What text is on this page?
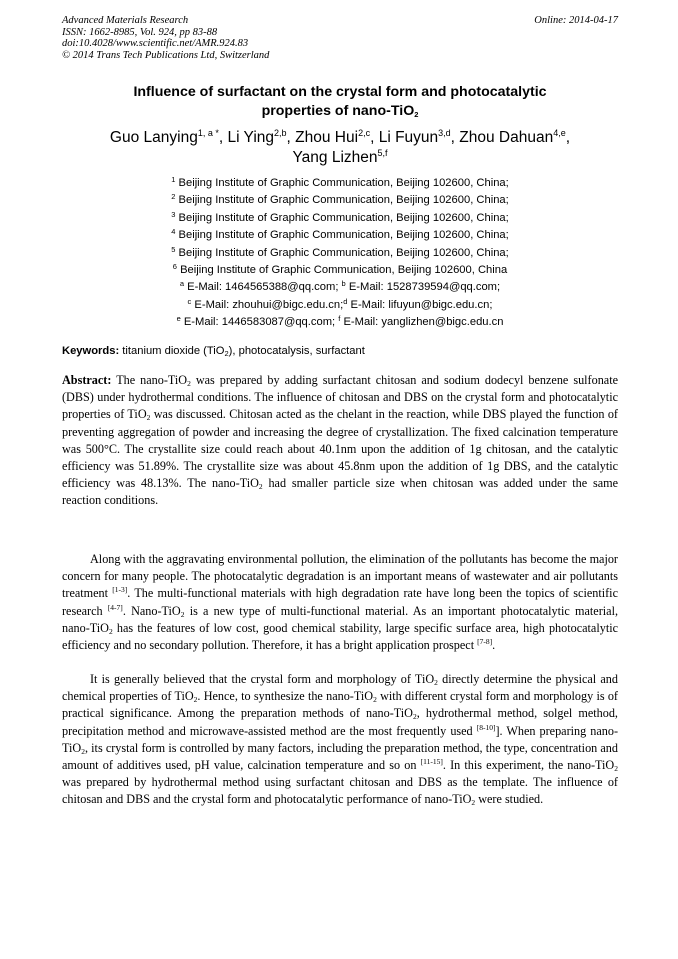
Advanced Materials Research
ISSN: 1662-8985, Vol. 924, pp 83-88
doi:10.4028/www.scientific.net/AMR.924.83
© 2014 Trans Tech Publications Ltd, Switzerland
Online: 2014-04-17
Influence of surfactant on the crystal form and photocatalytic
properties of nano-TiO$_2$
Guo Lanying$^{1, a *}$, Li Ying$^{2,b}$, Zhou Hui$^{2,c}$, Li Fuyun$^{3,d}$, Zhou Dahuan$^{4,e}$,
Yang Lizhen$^{5,f}$
$^1$ Beijing Institute of Graphic Communication, Beijing 102600, China;
$^2$ Beijing Institute of Graphic Communication, Beijing 102600, China;
$^3$ Beijing Institute of Graphic Communication, Beijing 102600, China;
$^4$ Beijing Institute of Graphic Communication, Beijing 102600, China;
$^5$ Beijing Institute of Graphic Communication, Beijing 102600, China;
$^6$ Beijing Institute of Graphic Communication, Beijing 102600, China
$^a$ E-Mail: 1464565388@qq.com; $^b$ E-Mail: 1528739594@qq.com;
$^c$ E-Mail: zhouhui@bigc.edu.cn;$^d$ E-Mail: lifuyun@bigc.edu.cn;
$^e$ E-Mail: 1446583087@qq.com; $^f$ E-Mail: yanglizhen@bigc.edu.cn
Keywords: titanium dioxide (TiO$_2$), photocatalysis, surfactant
Abstract: The nano-TiO$_2$ was prepared by adding surfactant chitosan and sodium dodecyl benzene sulfonate (DBS) under hydrothermal conditions. The influence of chitosan and DBS on the crystal form and photocatalytic properties of TiO$_2$ was discussed. Chitosan acted as the chelant in the reaction, while DBS played the function of preventing aggregation of powder and increasing the degree of crystallization. The fixed calcination temperature was 500°C. The crystallite size could reach about 40.1nm upon the addition of 1g chitosan, and the catalytic efficiency was 51.89%. The crystallite size was about 45.8nm upon the addition of 1g DBS, and the catalytic efficiency was 48.13%. The nano-TiO$_2$ had smaller particle size when chitosan was added under the same reaction conditions.

Along with the aggravating environmental pollution, the elimination of the pollutants has become the major concern for many people. The photocatalytic degradation is an important means of wastewater and air pollutants treatment [1-3]. The multi-functional materials with high degradation rate have long been the topics of scientific research [4-7]. Nano-TiO$_2$ is a new type of multi-functional material. As an important photocatalytic material, nano-TiO$_2$ has the features of low cost, good chemical stability, large specific surface area, high photocatalytic efficiency and no secondary pollution. Therefore, it has a bright application prospect [7-8].

It is generally believed that the crystal form and morphology of TiO$_2$ directly determine the physical and chemical properties of TiO$_2$. Hence, to synthesize the nano-TiO$_2$ with different crystal form and morphology is of practical significance. Among the preparation methods of nano-TiO$_2$, hydrothermal method, solgel method, precipitation method and microwave-assisted method are the most frequently used [8-10]]. When preparing nano-TiO$_2$, its crystal form is controlled by many factors, including the preparation method, the type, concentration and amount of additives used, pH value, calcination temperature and so on [11-15]. In this experiment, the nano-TiO$_2$ was prepared by hydrothermal method using surfactant chitosan and DBS as the template. The influence of chitosan and DBS and the crystal form and photocatalytic performance of nano-TiO$_2$ were studied.
